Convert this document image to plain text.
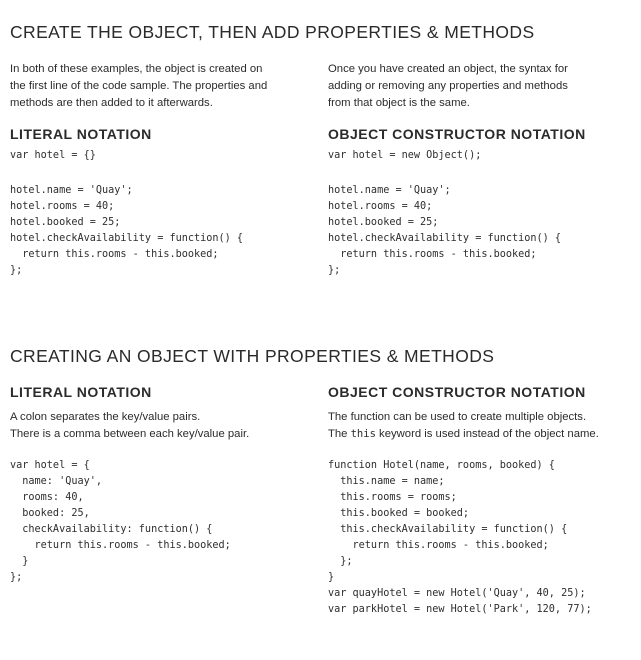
CREATE THE OBJECT, THEN ADD PROPERTIES & METHODS

In both of these examples, the object is created on
the first line of the code sample. The properties and
methods are then added to it afterwards.

Once you have created an object, the syntax for
adding or removing any properties and methods
from that object is the same.

LITERAL NOTATION	OBJECT CONSTRUCTOR NOTATION
var hotel = {}	var hotel = new Object();
hotel.name = 'Quay';
hotel.rooms = 40;
hotel.booked = 25;
hotel.checkAvailability = function() {
return this.rooms - this.booked;
};
hotel.name = 'Quay';
hotel.rooms = 40;
hotel.booked = 25;
hotel.checkAvailability = function() {
return this.rooms - this.booked;
};
CREATING AN OBJECT WITH PROPERTIES & METHODS
LITERAL NOTATION

A colon separates the key/value pairs.
There is a comma between each key/value pair.

OBJECT CONSTRUCTOR NOTATION

The function can be used to create multiple objects.
The this keyword is used instead of the object name.

var hotel = {
name: 'Quay',
rooms: 40,
booked: 25,
checkAvailability: function() {
return this.rooms - this.booked;
}
};
function Hotel(name, rooms, booked) {
this.name = name;
this.rooms = rooms;
this.booked = booked;
this.checkAvailability = function() {
return this.rooms - this.booked;
};
}
var quayHotel = new Hotel('Quay', 40, 25);
var parkHotel = new Hotel('Park', 120, 77);
